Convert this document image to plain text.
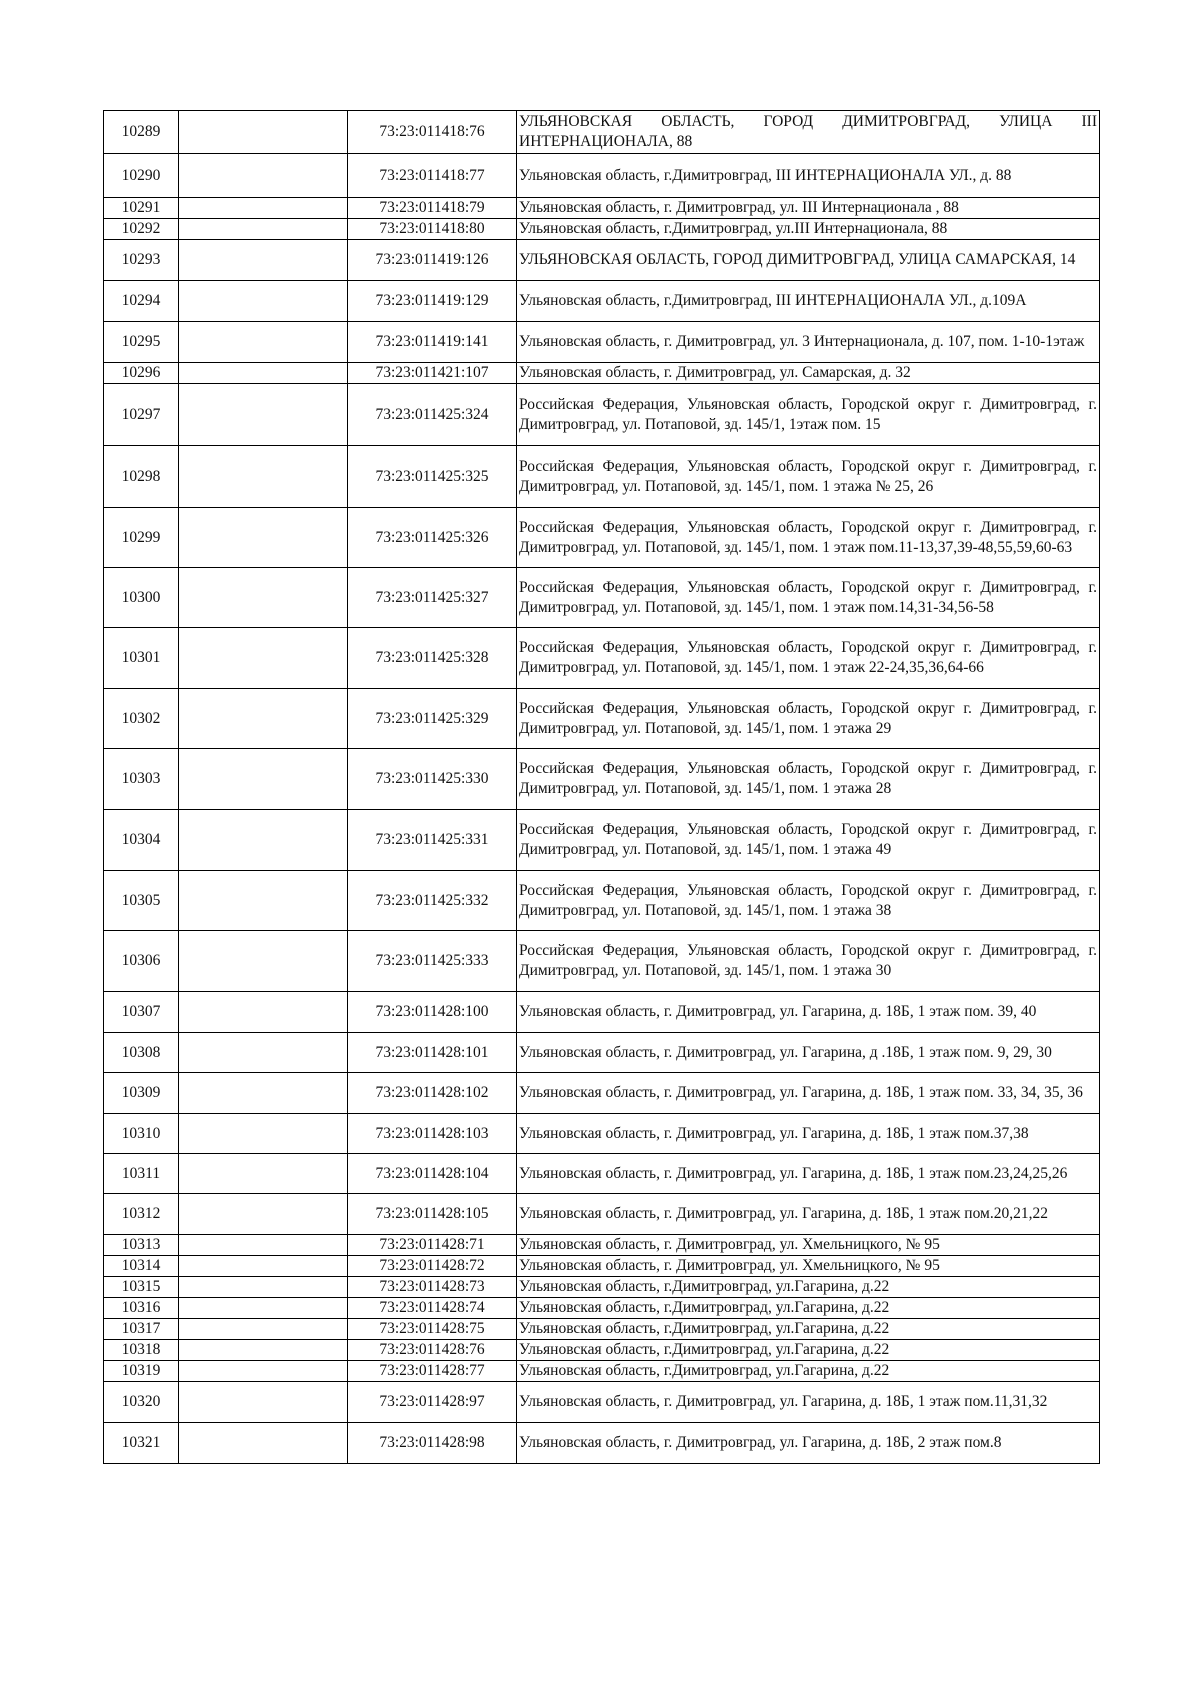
10289		73:23:011418:76	УЛЬЯНОВСКАЯ ОБЛАСТЬ, ГОРОД ДИМИТРОВГРАД, УЛИЦА III ИНТЕРНАЦИОНАЛА, 88
10290		73:23:011418:77	Ульяновская область, г.Димитровград, III ИНТЕРНАЦИОНАЛА УЛ., д. 88
10291		73:23:011418:79	Ульяновская область, г. Димитровград, ул. III Интернационала , 88
10292		73:23:011418:80	Ульяновская область, г.Димитровград, ул.III Интернационала, 88
10293		73:23:011419:126	УЛЬЯНОВСКАЯ ОБЛАСТЬ, ГОРОД ДИМИТРОВГРАД, УЛИЦА САМАРСКАЯ, 14
10294		73:23:011419:129	Ульяновская область, г.Димитровград, III ИНТЕРНАЦИОНАЛА УЛ., д.109А
10295		73:23:011419:141	Ульяновская область, г. Димитровград, ул. 3 Интернационала, д. 107, пом. 1-10-1этаж
10296		73:23:011421:107	Ульяновская область, г. Димитровград, ул. Самарская, д. 32
10297		73:23:011425:324	Российская Федерация, Ульяновская область, Городской округ г. Димитровград, г. Димитровград, ул. Потаповой, зд. 145/1, 1этаж пом. 15
10298		73:23:011425:325	Российская Федерация, Ульяновская область, Городской округ г. Димитровград, г. Димитровград, ул. Потаповой, зд. 145/1, пом. 1 этажа № 25, 26
10299		73:23:011425:326	Российская Федерация, Ульяновская область, Городской округ г. Димитровград, г. Димитровград, ул. Потаповой, зд. 145/1, пом. 1 этаж пом.11-13,37,39-48,55,59,60-63
10300		73:23:011425:327	Российская Федерация, Ульяновская область, Городской округ г. Димитровград, г. Димитровград, ул. Потаповой, зд. 145/1, пом. 1 этаж пом.14,31-34,56-58
10301		73:23:011425:328	Российская Федерация, Ульяновская область, Городской округ г. Димитровград, г. Димитровград, ул. Потаповой, зд. 145/1, пом. 1 этаж 22-24,35,36,64-66
10302		73:23:011425:329	Российская Федерация, Ульяновская область, Городской округ г. Димитровград, г. Димитровград, ул. Потаповой, зд. 145/1, пом. 1 этажа 29
10303		73:23:011425:330	Российская Федерация, Ульяновская область, Городской округ г. Димитровград, г. Димитровград, ул. Потаповой, зд. 145/1, пом. 1 этажа 28
10304		73:23:011425:331	Российская Федерация, Ульяновская область, Городской округ г. Димитровград, г. Димитровград, ул. Потаповой, зд. 145/1, пом. 1 этажа 49
10305		73:23:011425:332	Российская Федерация, Ульяновская область, Городской округ г. Димитровград, г. Димитровград, ул. Потаповой, зд. 145/1, пом. 1 этажа 38
10306		73:23:011425:333	Российская Федерация, Ульяновская область, Городской округ г. Димитровград, г. Димитровград, ул. Потаповой, зд. 145/1, пом. 1 этажа 30
10307		73:23:011428:100	Ульяновская область, г. Димитровград, ул. Гагарина, д. 18Б, 1 этаж пом. 39, 40
10308		73:23:011428:101	Ульяновская область, г. Димитровград, ул. Гагарина, д .18Б, 1 этаж пом. 9, 29, 30
10309		73:23:011428:102	Ульяновская область, г. Димитровград, ул. Гагарина, д. 18Б, 1 этаж пом. 33, 34, 35, 36
10310		73:23:011428:103	Ульяновская область, г. Димитровград, ул. Гагарина, д. 18Б, 1 этаж пом.37,38
10311		73:23:011428:104	Ульяновская область, г. Димитровград, ул. Гагарина, д. 18Б, 1 этаж пом.23,24,25,26
10312		73:23:011428:105	Ульяновская область, г. Димитровград, ул. Гагарина, д. 18Б, 1 этаж пом.20,21,22
10313		73:23:011428:71	Ульяновская область, г. Димитровград, ул. Хмельницкого, № 95
10314		73:23:011428:72	Ульяновская область, г. Димитровград, ул. Хмельницкого, № 95
10315		73:23:011428:73	Ульяновская область, г.Димитровград, ул.Гагарина, д.22
10316		73:23:011428:74	Ульяновская область, г.Димитровград, ул.Гагарина, д.22
10317		73:23:011428:75	Ульяновская область, г.Димитровград, ул.Гагарина, д.22
10318		73:23:011428:76	Ульяновская область, г.Димитровград, ул.Гагарина, д.22
10319		73:23:011428:77	Ульяновская область, г.Димитровград, ул.Гагарина, д.22
10320		73:23:011428:97	Ульяновская область, г. Димитровград, ул. Гагарина, д. 18Б, 1 этаж пом.11,31,32
10321		73:23:011428:98	Ульяновская область, г. Димитровград, ул. Гагарина, д. 18Б, 2 этаж пом.8
